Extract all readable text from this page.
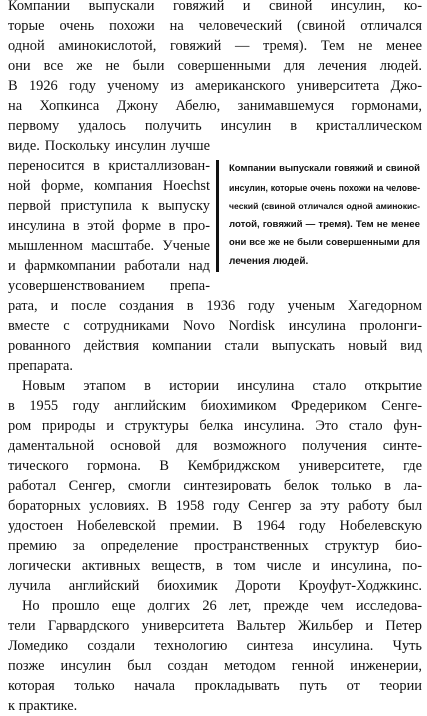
Компании выпускали говяжий и свиной инсулин, ко-
торые очень похожи на человеческий (свиной отличался
одной аминокислотой, говяжий — тремя). Тем не менее
они все же не были совершенными для лечения людей.
В 1926 году ученому из американского университета Джо-
на Хопкинса Джону Абелю, занимавшемуся гормонами,
первому удалось получить инсулин в кристаллическом
виде. Поскольку инсулин лучше
переносится в кристаллизован-
ной форме, компания Hoechst
первой приступила к выпуску
инсулина в этой форме в про-
мышленном масштабе. Ученые
и фармкомпании работали над
усовершенствованием препа-
рата, и после создания в 1936 году ученым Хагедорном
вместе с сотрудниками Novo Nordisk инсулина пролонги-
рованного действия компании стали выпускать новый вид
препарата.
Новым этапом в истории инсулина стало открытие
в 1955 году английским биохимиком Фредериком Сенге-
ром природы и структуры белка инсулина. Это стало фун-
даментальной основой для возможного получения синте-
тического гормона. В Кембриджском университете, где
работал Сенгер, смогли синтезировать белок только в ла-
бораторных условиях. В 1958 году Сенгер за эту работу был
удостоен Нобелевской премии. В 1964 году Нобелевскую
премию за определение пространственных структур био-
логически активных веществ, в том числе и инсулина, по-
лучила английский биохимик Дороти Кроуфут-Ходжкинс.
Но прошло еще долгих 26 лет, прежде чем исследова-
тели Гарвардского университета Вальтер Жильбер и Петер
Ломедико создали технологию синтеза инсулина. Чуть
позже инсулин был создан методом генной инженерии,
которая только начала прокладывать путь от теории
к практике.
Компании выпускали говяжий и свиной
инсулин, которые очень похожи на челове-
ческий (свиной отличался одной аминокис-
лотой, говяжий — тремя). Тем не менее
они все же не были совершенными для
лечения людей.
